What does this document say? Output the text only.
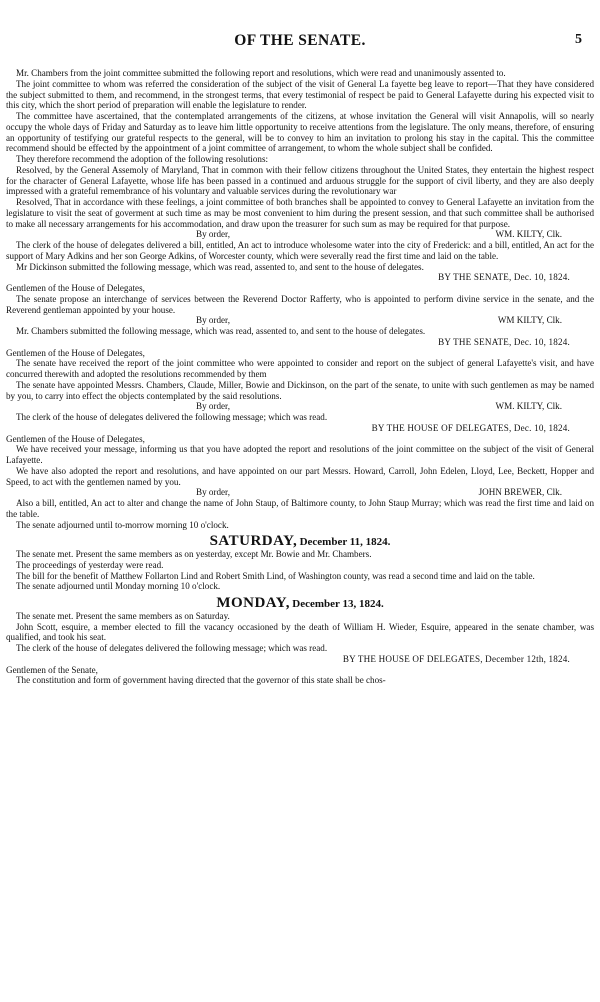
OF THE SENATE.	5

Mr. Chambers from the joint committee submitted the following report and resolutions, which were read and unanimously assented to.

The joint committee to whom was referred the consideration of the subject of the visit of General La fayette beg leave to report—That they have considered the subject submitted to them, and recommend, in the strongest terms, that every testimonial of respect be paid to General Lafayette during his expected visit to this city, which the short period of preparation will enable the legislature to render.

The committee have ascertained, that the contemplated arrangements of the citizens, at whose invitation the General will visit Annapolis, will so nearly occupy the whole days of Friday and Saturday as to leave him little opportunity to receive attentions from the legislature. The only means, therefore, of ensuring an opportunity of testifying our grateful respects to the general, will be to convey to him an invitation to prolong his stay in the capital. This the committee recommend should be effected by the appointment of a joint committee of arrangement, to whom the whole subject shall be confided.

They therefore recommend the adoption of the following resolutions:

Resolved, by the General Assemoly of Maryland, That in common with their fellow citizens throughout the United States, they entertain the highest respect for the character of General Lafayette, whose life has been passed in a continued and arduous struggle for the support of civil liberty, and they are also deeply impressed with a grateful remembrance of his voluntary and valuable services during the revolutionary war

Resolved, That in accordance with these feelings, a joint committee of both branches shall be appointed to convey to General Lafayette an invitation from the legislature to visit the seat of goverment at such time as may be most convenient to him during the present session, and that such committee shall be authorised to make all necessary arrangements for his accommodation, and draw upon the treasurer for such sum as may be required for that purpose.

By order,	WM. KILTY, Clk.

The clerk of the house of delegates delivered a bill, entitled, An act to introduce wholesome water into the city of Frederick: and a bill, entitled, An act for the support of Mary Adkins and her son George Adkins, of Worcester county, which were severally read the first time and laid on the table.

Mr Dickinson submitted the following message, which was read, assented to, and sent to the house of delegates.

BY THE SENATE, Dec. 10, 1824.

Gentlemen of the House of Delegates,

The senate propose an interchange of services between the Reverend Doctor Rafferty, who is appointed to perform divine service in the senate, and the Reverend gentleman appointed by your house.

By order,	WM KILTY, Clk.

Mr. Chambers submitted the following message, which was read, assented to, and sent to the house of delegates.

BY THE SENATE, Dec. 10, 1824.

Gentlemen of the House of Delegates,

The senate have received the report of the joint committee who were appointed to consider and report on the subject of general Lafayette's visit, and have concurred therewith and adopted the resolutions recommended by them

The senate have appointed Messrs. Chambers, Claude, Miller, Bowie and Dickinson, on the part of the senate, to unite with such gentlemen as may be named by you, to carry into effect the objects contemplated by the said resolutions.

By order,	WM. KILTY, Clk.

The clerk of the house of delegates delivered the following message; which was read.

BY THE HOUSE OF DELEGATES, Dec. 10, 1824.

Gentlemen of the House of Delegates,

We have received your message, informing us that you have adopted the report and resolutions of the joint committee on the subject of the visit of General Lafayette.

We have also adopted the report and resolutions, and have appointed on our part Messrs. Howard, Carroll, John Edelen, Lloyd, Lee, Beckett, Hopper and Speed, to act with the gentlemen named by you.

By order,	JOHN BREWER, Clk.

Also a bill, entitled, An act to alter and change the name of John Staup, of Baltimore county, to John Staup Murray; which was read the first time and laid on the table.

The senate adjourned until to-morrow morning 10 o'clock.

SATURDAY, December 11, 1824.

The senate met. Present the same members as on yesterday, except Mr. Bowie and Mr. Chambers.

The proceedings of yesterday were read.

The bill for the benefit of Matthew Follarton Lind and Robert Smith Lind, of Washington county, was read a second time and laid on the table.

The senate adjourned until Monday morning 10 o'clock.

MONDAY, December 13, 1824.

The senate met. Present the same members as on Saturday.

John Scott, esquire, a member elected to fill the vacancy occasioned by the death of William H. Wieder, Esquire, appeared in the senate chamber, was qualified, and took his seat.

The clerk of the house of delegates delivered the following message; which was read.

BY THE HOUSE OF DELEGATES, December 12th, 1824.

Gentlemen of the Senate,

The constitution and form of government having directed that the governor of this state shall be chos-
